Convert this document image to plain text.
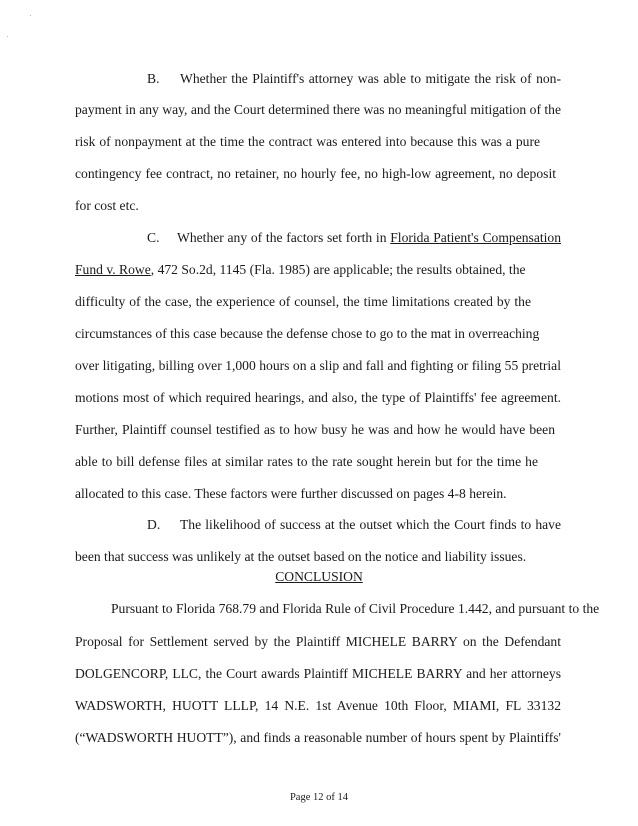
B. Whether the Plaintiff's attorney was able to mitigate the risk of non-
payment in any way, and the Court determined there was no meaningful mitigation of the
risk of nonpayment at the time the contract was entered into because this was a pure
contingency fee contract, no retainer, no hourly fee, no high-low agreement, no deposit
for cost etc.
C. Whether any of the factors set forth in Florida Patient's Compensation
Fund v. Rowe, 472 So.2d, 1145 (Fla. 1985) are applicable; the results obtained, the
difficulty of the case, the experience of counsel, the time limitations created by the
circumstances of this case because the defense chose to go to the mat in overreaching
over litigating, billing over 1,000 hours on a slip and fall and fighting or filing 55 pretrial
motions most of which required hearings, and also, the type of Plaintiffs' fee agreement.
Further, Plaintiff counsel testified as to how busy he was and how he would have been
able to bill defense files at similar rates to the rate sought herein but for the time he
allocated to this case. These factors were further discussed on pages 4-8 herein.
D. The likelihood of success at the outset which the Court finds to have
been that success was unlikely at the outset based on the notice and liability issues.
CONCLUSION
Pursuant to Florida 768.79 and Florida Rule of Civil Procedure 1.442, and pursuant to the
Proposal for Settlement served by the Plaintiff MICHELE BARRY on the Defendant
DOLGENCORP, LLC, the Court awards Plaintiff MICHELE BARRY and her attorneys
WADSWORTH, HUOTT LLLP, 14 N.E. 1st Avenue 10th Floor, MIAMI, FL 33132
(“WADSWORTH HUOTT”), and finds a reasonable number of hours spent by Plaintiffs'
Page 12 of 14
